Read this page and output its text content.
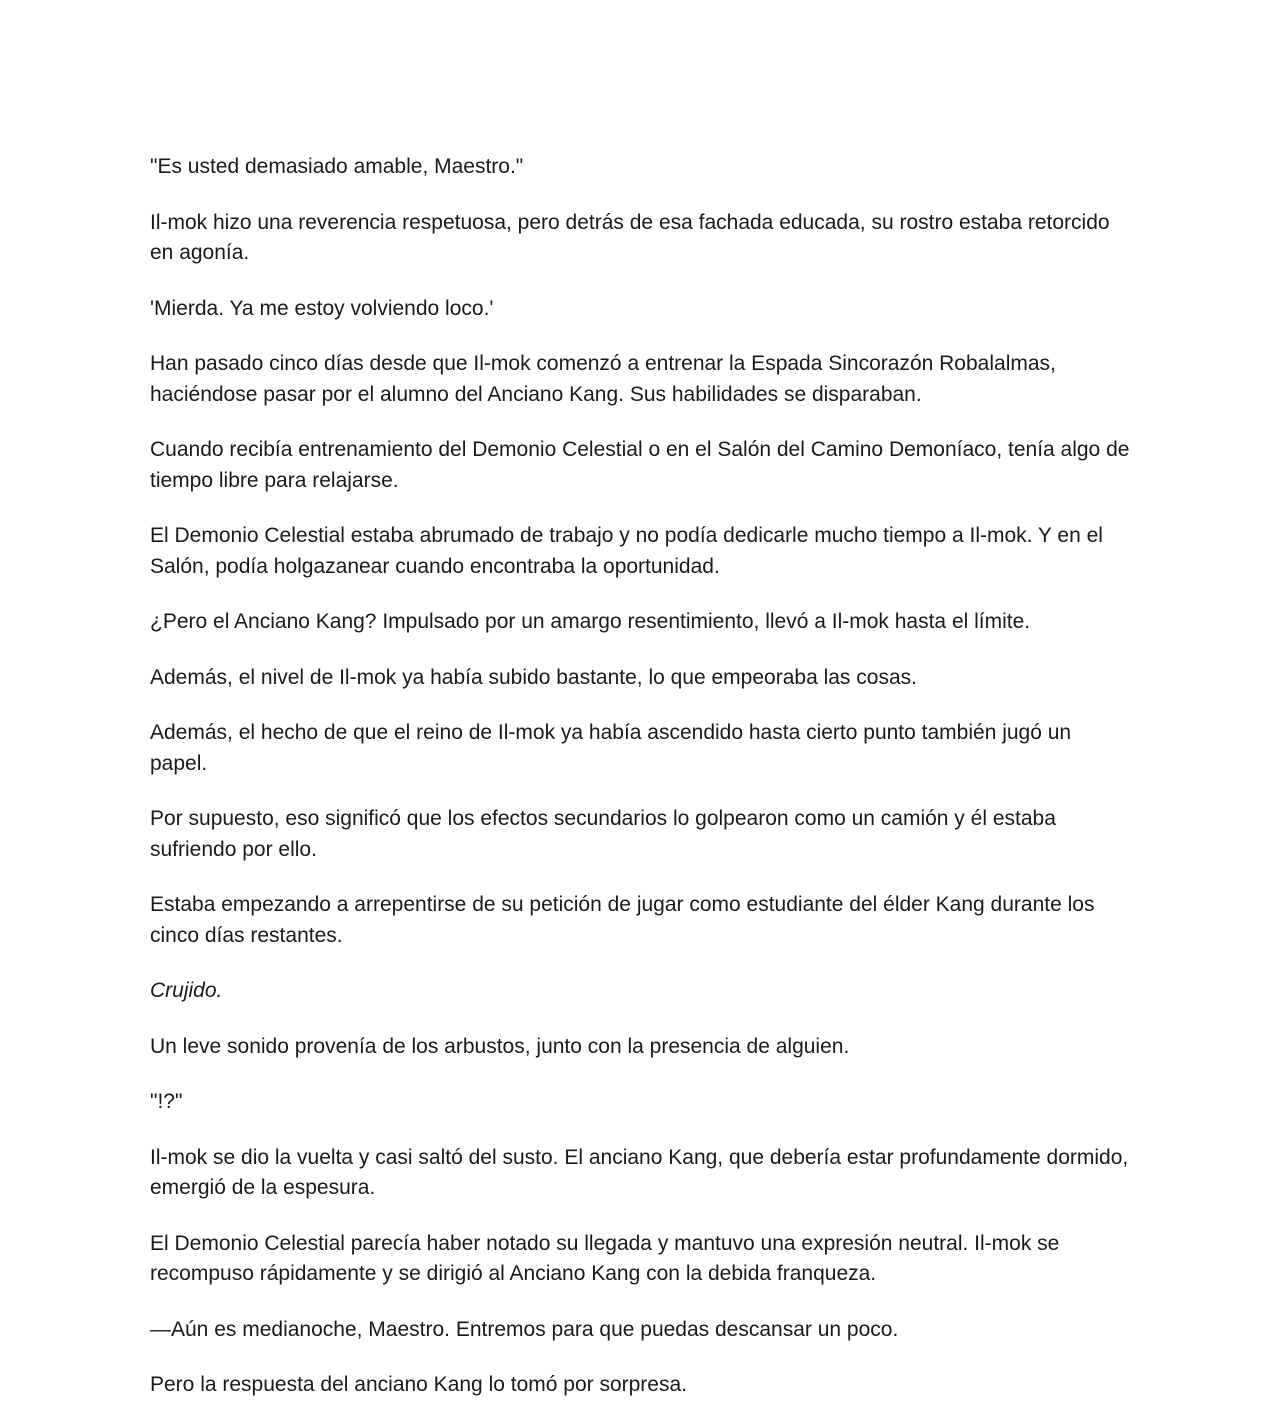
"Es usted demasiado amable, Maestro."

Il-mok hizo una reverencia respetuosa, pero detrás de esa fachada educada, su rostro estaba retorcido en agonía.

'Mierda. Ya me estoy volviendo loco.'

Han pasado cinco días desde que Il-mok comenzó a entrenar la Espada Sincorazón Robalalmas, haciéndose pasar por el alumno del Anciano Kang. Sus habilidades se disparaban.

Cuando recibía entrenamiento del Demonio Celestial o en el Salón del Camino Demoníaco, tenía algo de tiempo libre para relajarse.

El Demonio Celestial estaba abrumado de trabajo y no podía dedicarle mucho tiempo a Il-mok. Y en el Salón, podía holgazanear cuando encontraba la oportunidad.

¿Pero el Anciano Kang? Impulsado por un amargo resentimiento, llevó a Il-mok hasta el límite.

Además, el nivel de Il-mok ya había subido bastante, lo que empeoraba las cosas.

Además, el hecho de que el reino de Il-mok ya había ascendido hasta cierto punto también jugó un papel.

Por supuesto, eso significó que los efectos secundarios lo golpearon como un camión y él estaba sufriendo por ello.

Estaba empezando a arrepentirse de su petición de jugar como estudiante del élder Kang durante los cinco días restantes.

Crujido.

Un leve sonido provenía de los arbustos, junto con la presencia de alguien.

"!?"

Il-mok se dio la vuelta y casi saltó del susto. El anciano Kang, que debería estar profundamente dormido, emergió de la espesura.

El Demonio Celestial parecía haber notado su llegada y mantuvo una expresión neutral. Il-mok se recompuso rápidamente y se dirigió al Anciano Kang con la debida franqueza.

—Aún es medianoche, Maestro. Entremos para que puedas descansar un poco.

Pero la respuesta del anciano Kang lo tomó por sorpresa.
